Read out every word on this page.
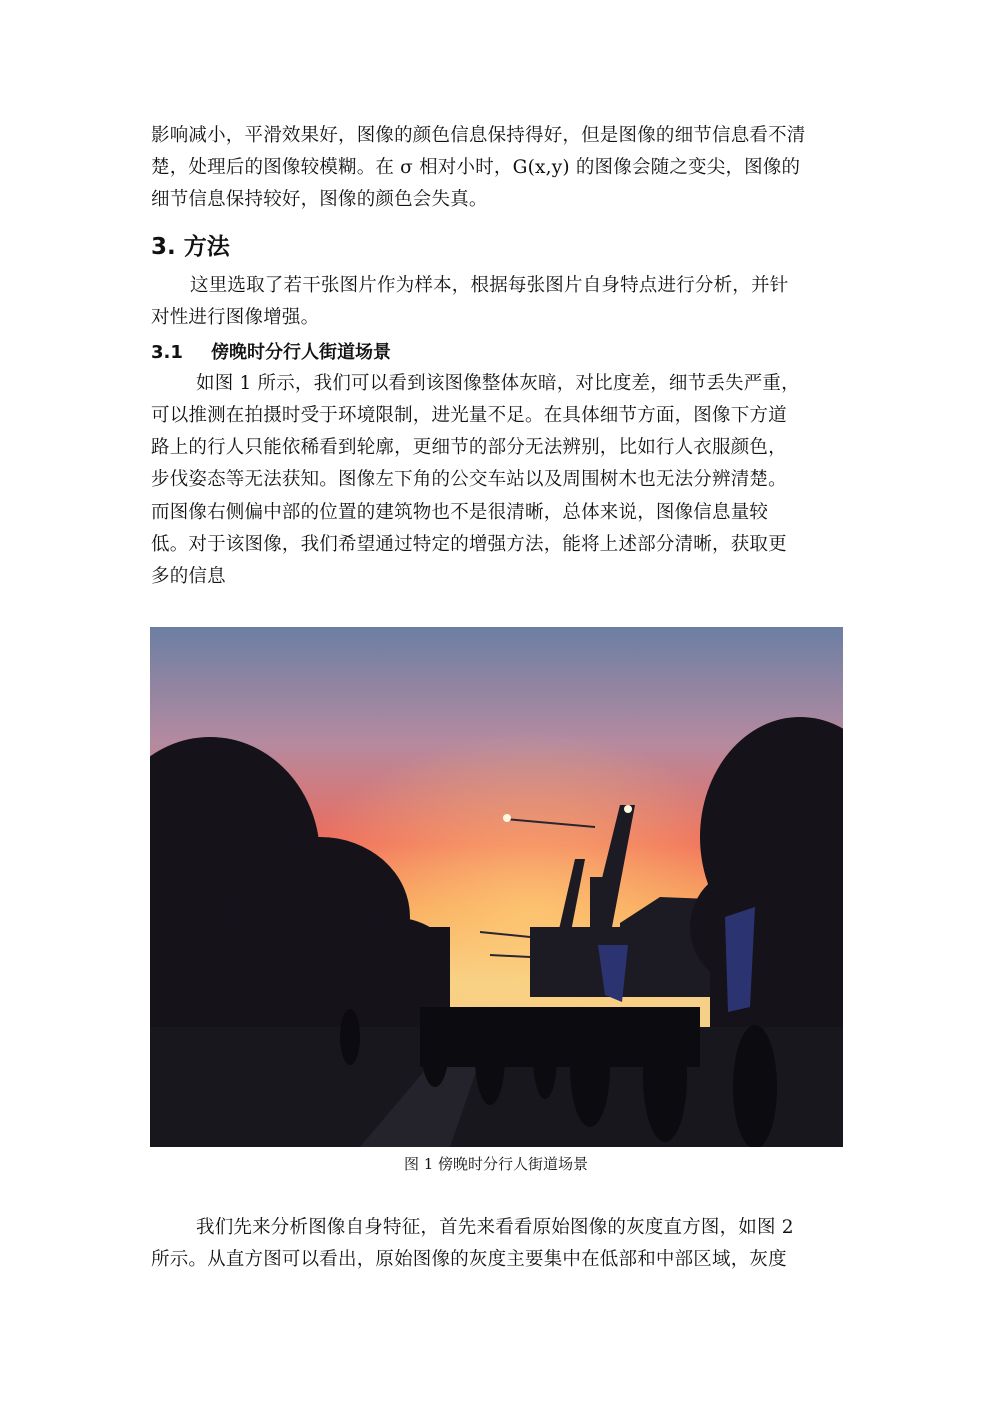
影响减小，平滑效果好，图像的颜色信息保持得好，但是图像的细节信息看不清
楚，处理后的图像较模糊。在 σ 相对小时，G(x,y) 的图像会随之变尖，图像的
细节信息保持较好，图像的颜色会失真。
3. 方法
这里选取了若干张图片作为样本，根据每张图片自身特点进行分析，并针
对性进行图像增强。
3.1 傍晚时分行人街道场景
如图 1 所示，我们可以看到该图像整体灰暗，对比度差，细节丢失严重，
可以推测在拍摄时受于环境限制，进光量不足。在具体细节方面，图像下方道
路上的行人只能依稀看到轮廓，更细节的部分无法辨别，比如行人衣服颜色，
步伐姿态等无法获知。图像左下角的公交车站以及周围树木也无法分辨清楚。
而图像右侧偏中部的位置的建筑物也不是很清晰，总体来说，图像信息量较
低。对于该图像，我们希望通过特定的增强方法，能将上述部分清晰，获取更
多的信息
图 1 傍晚时分行人街道场景
我们先来分析图像自身特征，首先来看看原始图像的灰度直方图，如图 2
所示。从直方图可以看出，原始图像的灰度主要集中在低部和中部区域，灰度
